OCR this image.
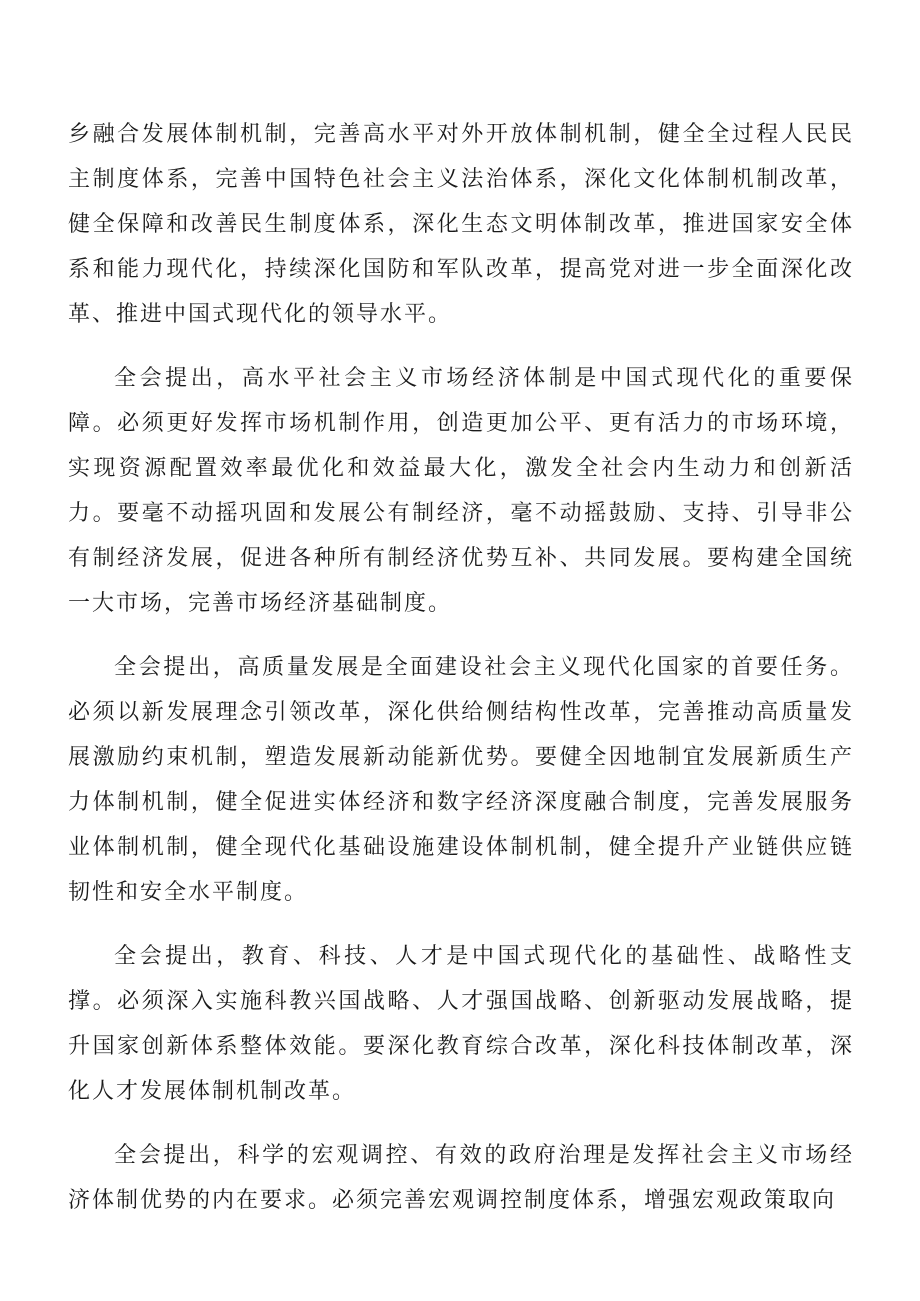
乡融合发展体制机制，完善高水平对外开放体制机制，健全全过程人民民主制度体系，完善中国特色社会主义法治体系，深化文化体制机制改革，健全保障和改善民生制度体系，深化生态文明体制改革，推进国家安全体系和能力现代化，持续深化国防和军队改革，提高党对进一步全面深化改革、推进中国式现代化的领导水平。

全会提出，高水平社会主义市场经济体制是中国式现代化的重要保障。必须更好发挥市场机制作用，创造更加公平、更有活力的市场环境，实现资源配置效率最优化和效益最大化，激发全社会内生动力和创新活力。要毫不动摇巩固和发展公有制经济，毫不动摇鼓励、支持、引导非公有制经济发展，促进各种所有制经济优势互补、共同发展。要构建全国统一大市场，完善市场经济基础制度。

全会提出，高质量发展是全面建设社会主义现代化国家的首要任务。必须以新发展理念引领改革，深化供给侧结构性改革，完善推动高质量发展激励约束机制，塑造发展新动能新优势。要健全因地制宜发展新质生产力体制机制，健全促进实体经济和数字经济深度融合制度，完善发展服务业体制机制，健全现代化基础设施建设体制机制，健全提升产业链供应链韧性和安全水平制度。

全会提出，教育、科技、人才是中国式现代化的基础性、战略性支撑。必须深入实施科教兴国战略、人才强国战略、创新驱动发展战略，提升国家创新体系整体效能。要深化教育综合改革，深化科技体制改革，深化人才发展体制机制改革。

全会提出，科学的宏观调控、有效的政府治理是发挥社会主义市场经济体制优势的内在要求。必须完善宏观调控制度体系，增强宏观政策取向
